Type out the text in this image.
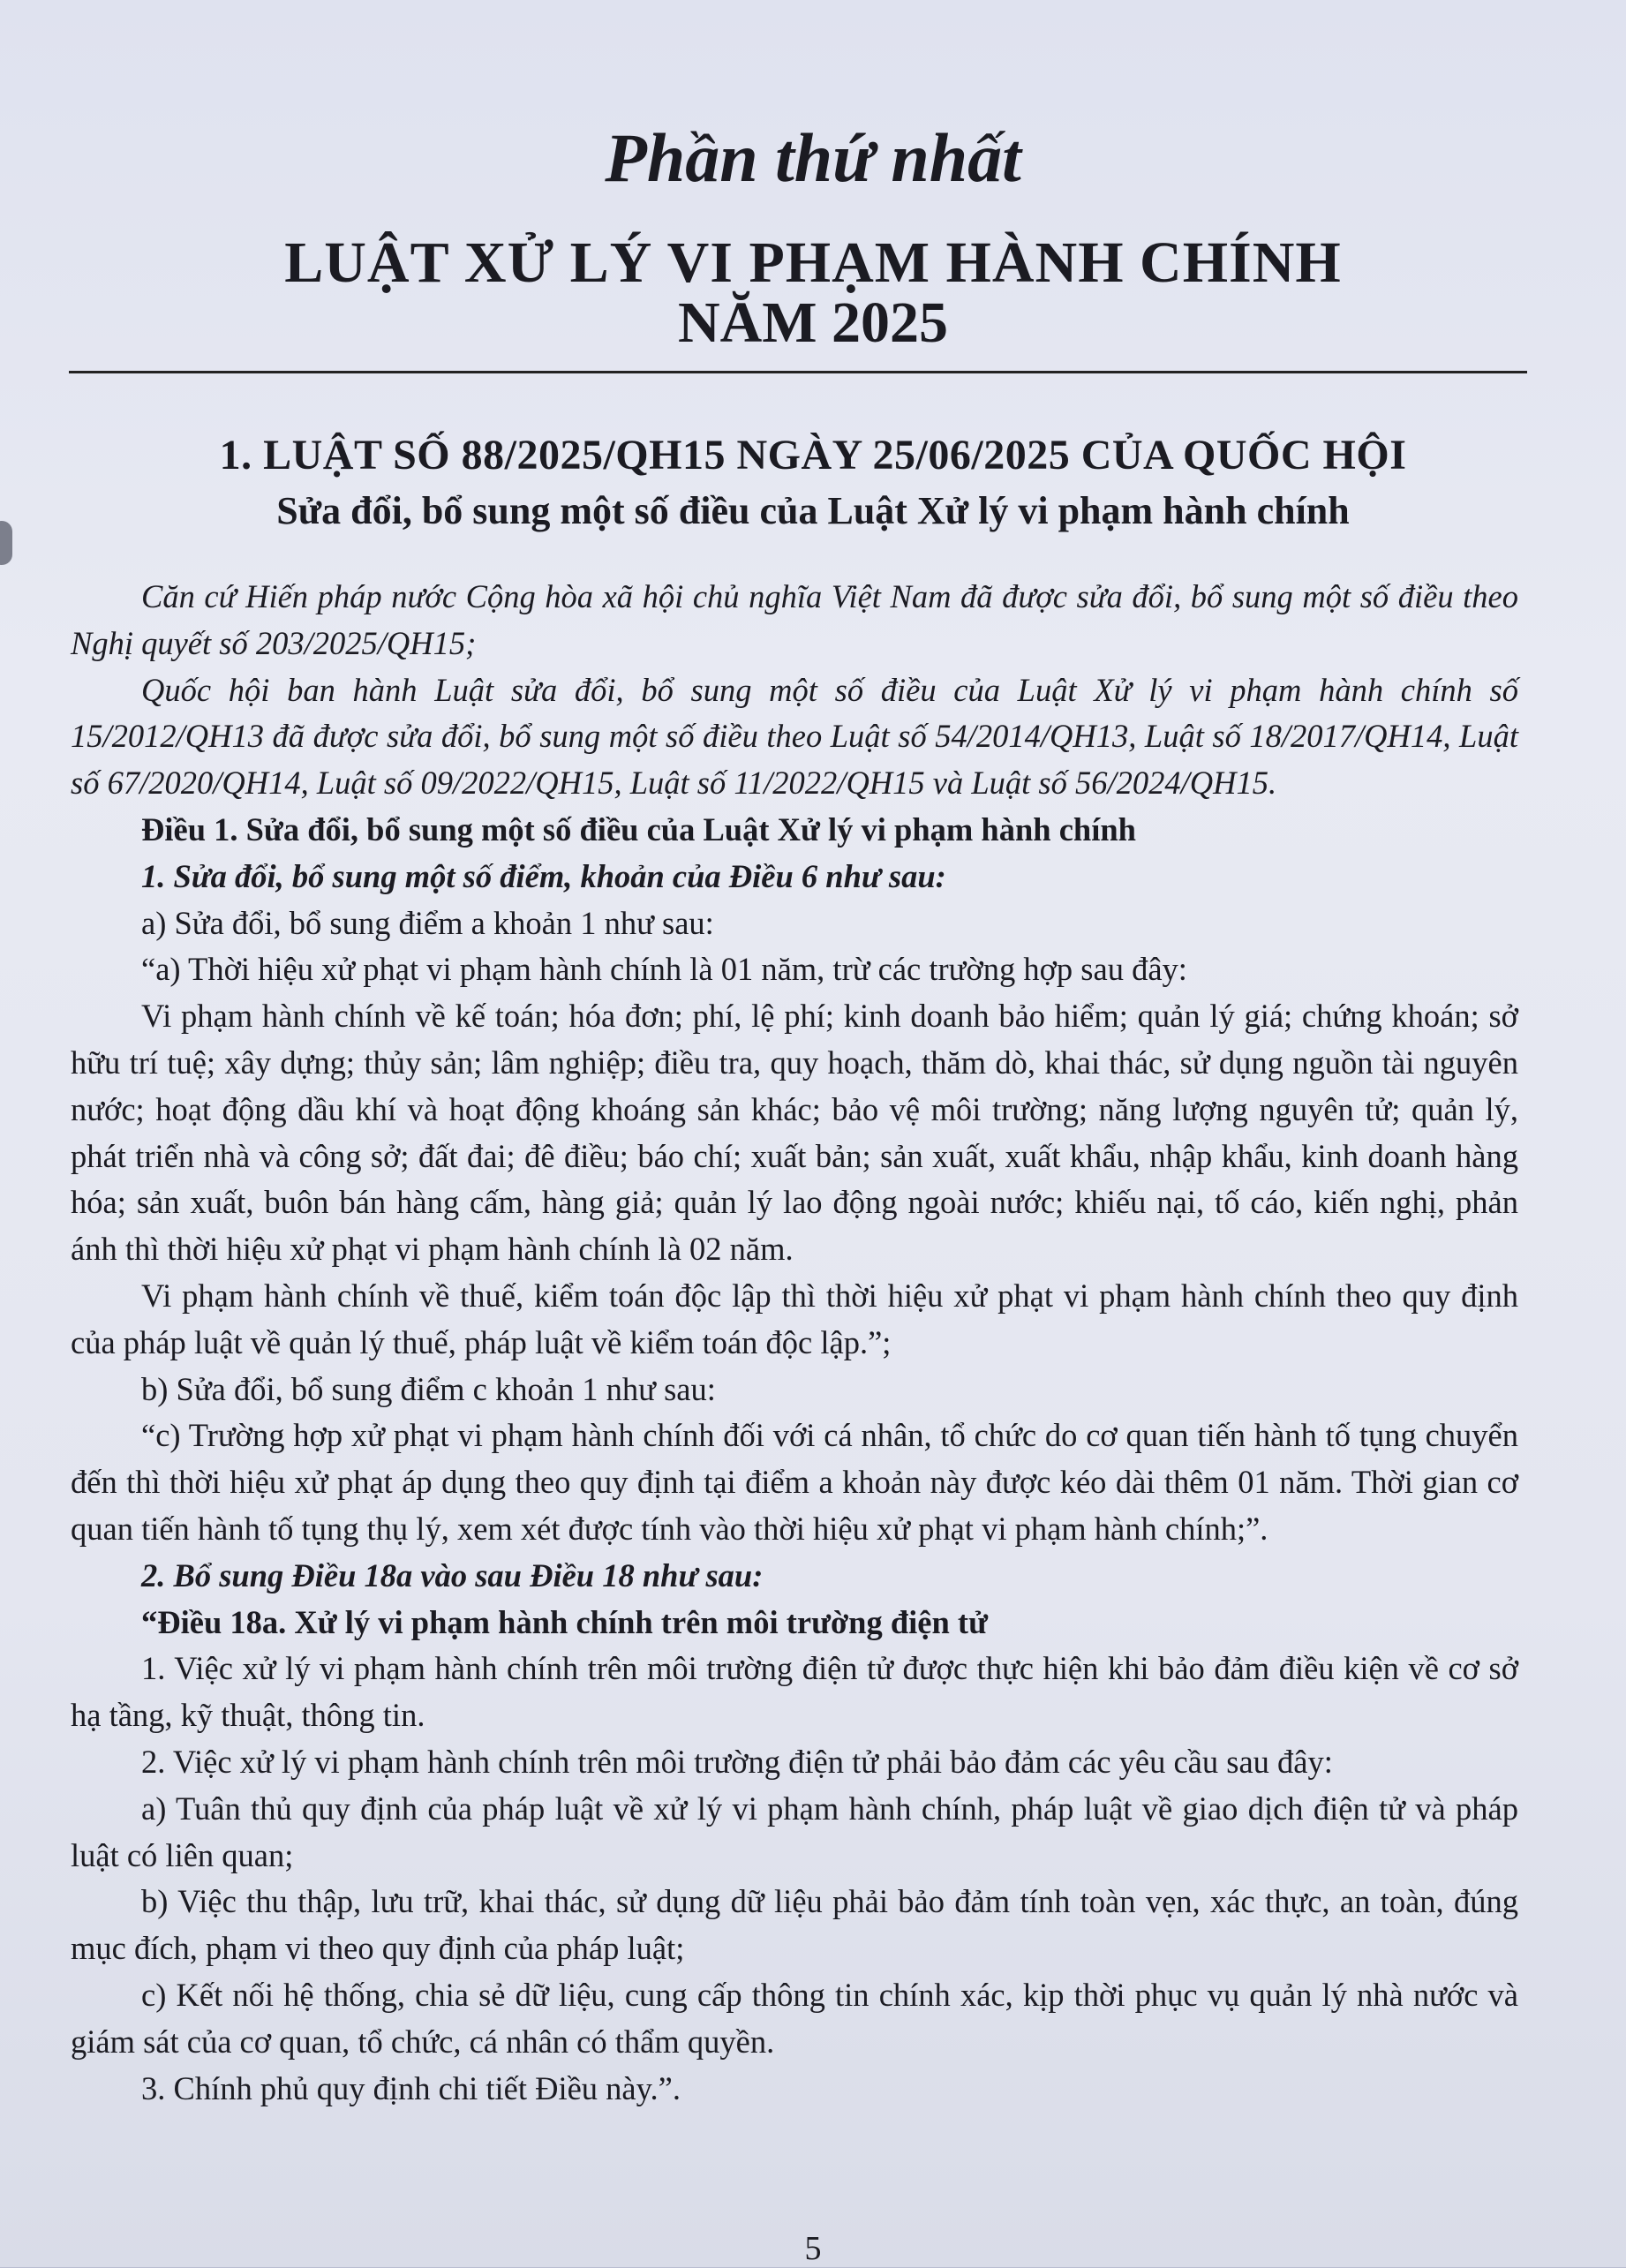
Phần thứ nhất
LUẬT XỬ LÝ VI PHẠM HÀNH CHÍNH
NĂM 2025
1. LUẬT SỐ 88/2025/QH15 NGÀY 25/06/2025 CỦA QUỐC HỘI
Sửa đổi, bổ sung một số điều của Luật Xử lý vi phạm hành chính

Căn cứ Hiến pháp nước Cộng hòa xã hội chủ nghĩa Việt Nam đã được sửa đổi, bổ sung một số điều theo Nghị quyết số 203/2025/QH15;

Quốc hội ban hành Luật sửa đổi, bổ sung một số điều của Luật Xử lý vi phạm hành chính số 15/2012/QH13 đã được sửa đổi, bổ sung một số điều theo Luật số 54/2014/QH13, Luật số 18/2017/QH14, Luật số 67/2020/QH14, Luật số 09/2022/QH15, Luật số 11/2022/QH15 và Luật số 56/2024/QH15.

Điều 1. Sửa đổi, bổ sung một số điều của Luật Xử lý vi phạm hành chính

1. Sửa đổi, bổ sung một số điểm, khoản của Điều 6 như sau:

a) Sửa đổi, bổ sung điểm a khoản 1 như sau:

“a) Thời hiệu xử phạt vi phạm hành chính là 01 năm, trừ các trường hợp sau đây:

Vi phạm hành chính về kế toán; hóa đơn; phí, lệ phí; kinh doanh bảo hiểm; quản lý giá; chứng khoán; sở hữu trí tuệ; xây dựng; thủy sản; lâm nghiệp; điều tra, quy hoạch, thăm dò, khai thác, sử dụng nguồn tài nguyên nước; hoạt động dầu khí và hoạt động khoáng sản khác; bảo vệ môi trường; năng lượng nguyên tử; quản lý, phát triển nhà và công sở; đất đai; đê điều; báo chí; xuất bản; sản xuất, xuất khẩu, nhập khẩu, kinh doanh hàng hóa; sản xuất, buôn bán hàng cấm, hàng giả; quản lý lao động ngoài nước; khiếu nại, tố cáo, kiến nghị, phản ánh thì thời hiệu xử phạt vi phạm hành chính là 02 năm.

Vi phạm hành chính về thuế, kiểm toán độc lập thì thời hiệu xử phạt vi phạm hành chính theo quy định của pháp luật về quản lý thuế, pháp luật về kiểm toán độc lập.”;

b) Sửa đổi, bổ sung điểm c khoản 1 như sau:

“c) Trường hợp xử phạt vi phạm hành chính đối với cá nhân, tổ chức do cơ quan tiến hành tố tụng chuyển đến thì thời hiệu xử phạt áp dụng theo quy định tại điểm a khoản này được kéo dài thêm 01 năm. Thời gian cơ quan tiến hành tố tụng thụ lý, xem xét được tính vào thời hiệu xử phạt vi phạm hành chính;”.

2. Bổ sung Điều 18a vào sau Điều 18 như sau:

“Điều 18a. Xử lý vi phạm hành chính trên môi trường điện tử

1. Việc xử lý vi phạm hành chính trên môi trường điện tử được thực hiện khi bảo đảm điều kiện về cơ sở hạ tầng, kỹ thuật, thông tin.

2. Việc xử lý vi phạm hành chính trên môi trường điện tử phải bảo đảm các yêu cầu sau đây:

a) Tuân thủ quy định của pháp luật về xử lý vi phạm hành chính, pháp luật về giao dịch điện tử và pháp luật có liên quan;

b) Việc thu thập, lưu trữ, khai thác, sử dụng dữ liệu phải bảo đảm tính toàn vẹn, xác thực, an toàn, đúng mục đích, phạm vi theo quy định của pháp luật;

c) Kết nối hệ thống, chia sẻ dữ liệu, cung cấp thông tin chính xác, kịp thời phục vụ quản lý nhà nước và giám sát của cơ quan, tổ chức, cá nhân có thẩm quyền.

3. Chính phủ quy định chi tiết Điều này.”.

5
